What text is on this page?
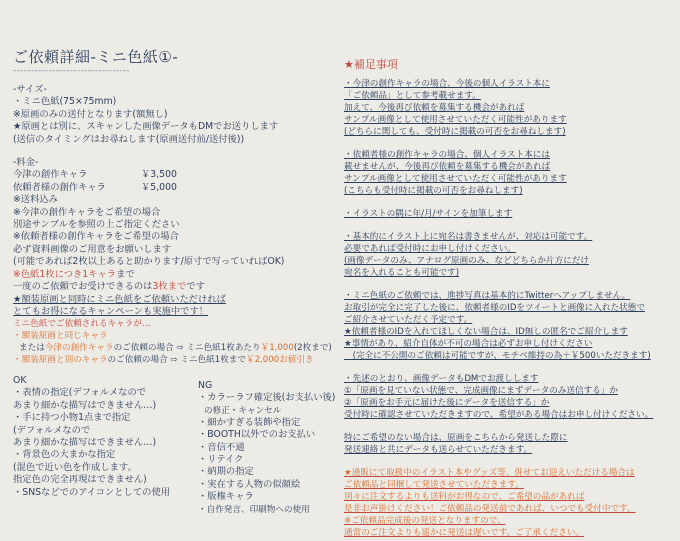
ご依頼詳細-ミニ色紙①-
---------------------------------
-サイズ-
・ミニ色紙(75×75mm)
※原画のみの送付となります(額無し)
★原画とは別に、スキャンした画像データもDMでお送りします
(送信のタイミングはお尋ねします(原画送付前/送付後))
-料金-
今津の創作キャラ	￥3,500
依頼者様の創作キャラ	￥5,000
※送料込み
※今津の創作キャラをご希望の場合
別途サンプルを参照の上ご指定ください
※依頼者様の創作キャラをご希望の場合
必ず資料画像のご用意をお願いします
(可能であれば2枚以上あると助かります/原寸で写っていればOK)
※色紙1枚につき1キャラまで
一度のご依頼でお受けできるのは3枚までです
★額装原画と同時にミニ色紙をご依頼いただければ
とてもお得になるキャンペーンも実施中です！
ミニ色紙でご依頼されるキャラが…
・額装原画と同じキャラ
または今津の創作キャラのご依頼の場合 ⇨ ミニ色紙1枚あたり￥1,000(2枚まで)
・額装原画と別のキャラのご依頼の場合 ⇨ ミニ色紙1枚まで￥2,000お値引き
OK
・表情の指定(デフォルメなので
あまり細かな描写はできません…)
・手に持つ小物1点まで指定
(デフォルメなので
あまり細かな描写はできません…)
・背景色の大まかな指定
(混色で近い色を作成します。
指定色の完全再現はできません)
・SNSなどでのアイコンとしての使用
NG
・カラーラフ確定後(お支払い後)
の修正・キャンセル
・細かすぎる装飾や指定
・BOOTH以外でのお支払い
・音信不通
・リテイク
・納期の指定
・実在する人物の似顔絵
・版権キャラ
・自作発言、印刷物への使用
★補足事項
・今津の創作キャラの場合、今後の個人イラスト本に
「ご依頼品」として参考載せます。
加えて、今後再び依頼を募集する機会があれば
サンプル画像として使用させていただく可能性があります
(どちらに関しても、受付時に掲載の可否をお尋ねします)
・依頼者様の創作キャラの場合、個人イラスト本には
載せませんが、今後再び依頼を募集する機会があれば
サンプル画像として使用させていただく可能性があります
(こちらも受付時に掲載の可否をお尋ねします)
・イラストの隅に年/月/サインを加筆します
・基本的にイラスト上に宛名は書きませんが、対応は可能です。
必要であれば受付時にお申し付けください。
(画像データのみ、アナログ原画のみ、などどちらか片方にだけ
宛名を入れることも可能です)
・ミニ色紙のご依頼では、進捗写真は基本的にTwitterへアップしません。
お取引が完全に完了した後に、依頼者様のIDをツイートと画像に入れた状態で
ご紹介させていただく予定です。
★依頼者様のIDを入れてほしくない場合は、ID無しの匿名でご紹介します
★事情があり、紹介自体が不可の場合は必ずお申し付けください
　(完全に不公開のご依頼は可能ですが、モチベ維持の為＋￥500いただきます)
・先述のとおり、画像データもDMでお渡しします
①「原画を見ていない状態で、完成画像にまずデータのみ送信する」か
②「原画をお手元に届けた後にデータを送信する」か
受付時に確認させていただきますので、希望がある場合はお申し付けください。
特にご希望のない場合は、原画をこちらから発送した際に
発送連絡と共にデータも送らせていただきます。
★通販にて取扱中のイラスト本やグッズ等、併せてお迎えいただける場合は
ご依頼品と同梱して発送させていただきます。
別々に注文するよりも送料がお得なので、ご希望の品があれば
是非お声掛けください！ご依頼品の発送前であれば、いつでも受付中です。
※ご依頼品完成後の発送となりますので、
通常のご注文よりも遥かに発送は遅いです。ご了承ください。
